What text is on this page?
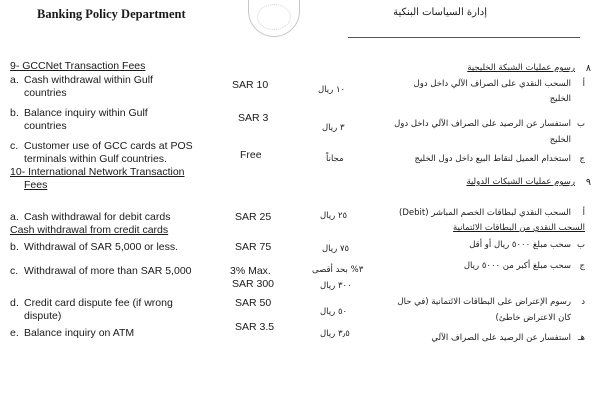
Banking Policy Department	إدارة السياسات البنكية
9- GCCNet Transaction Fees
a. Cash withdrawal within Gulf
countries
b. Balance inquiry within Gulf
countries
c. Customer use of GCC cards at POS
terminals within Gulf countries.
10- International Network Transaction
Fees
a. Cash withdrawal for debit cards
Cash withdrawal from credit cards
b. Withdrawal of SAR 5,000 or less.
c. Withdrawal of more than SAR 5,000
d. Credit card dispute fee (if wrong
dispute)
e. Balance inquiry on ATM
SAR 10
SAR 3
Free
SAR 25
SAR 75
3% Max.
SAR 300
SAR 50
SAR 3.5
١٠ ريال
٣ ريال
مجاناً
٢٥ ريال
٧٥ ريال
٣% بحد أقصى
٣٠٠ ريال
٥٠ ريال
٣٫٥ ريال
٨
رسوم عمليات الشبكة الخليجية
أ
السحب النقدي على الصراف الآلي داخل دول
الخليج
ب
استفسار عن الرصيد على الصراف الآلي داخل دول
الخليج
ج
استخدام العميل لنقاط البيع داخل دول الخليج
٩
رسوم عمليات الشبكات الدولية
أ
السحب النقدي لبطاقات الخصم المباشر (Debit)
السحب النقدي من البطاقات الائتمانية
ب
سحب مبلغ ٥٠٠٠ ريال أو أقل
ج
سحب مبلغ أكبر من ٥٠٠٠ ريال
د
رسوم الإعتراض على البطاقات الائتمانية (في حال
كان الاعتراض خاطئ)
هـ
استفسار عن الرصيد على الصراف الآلي
